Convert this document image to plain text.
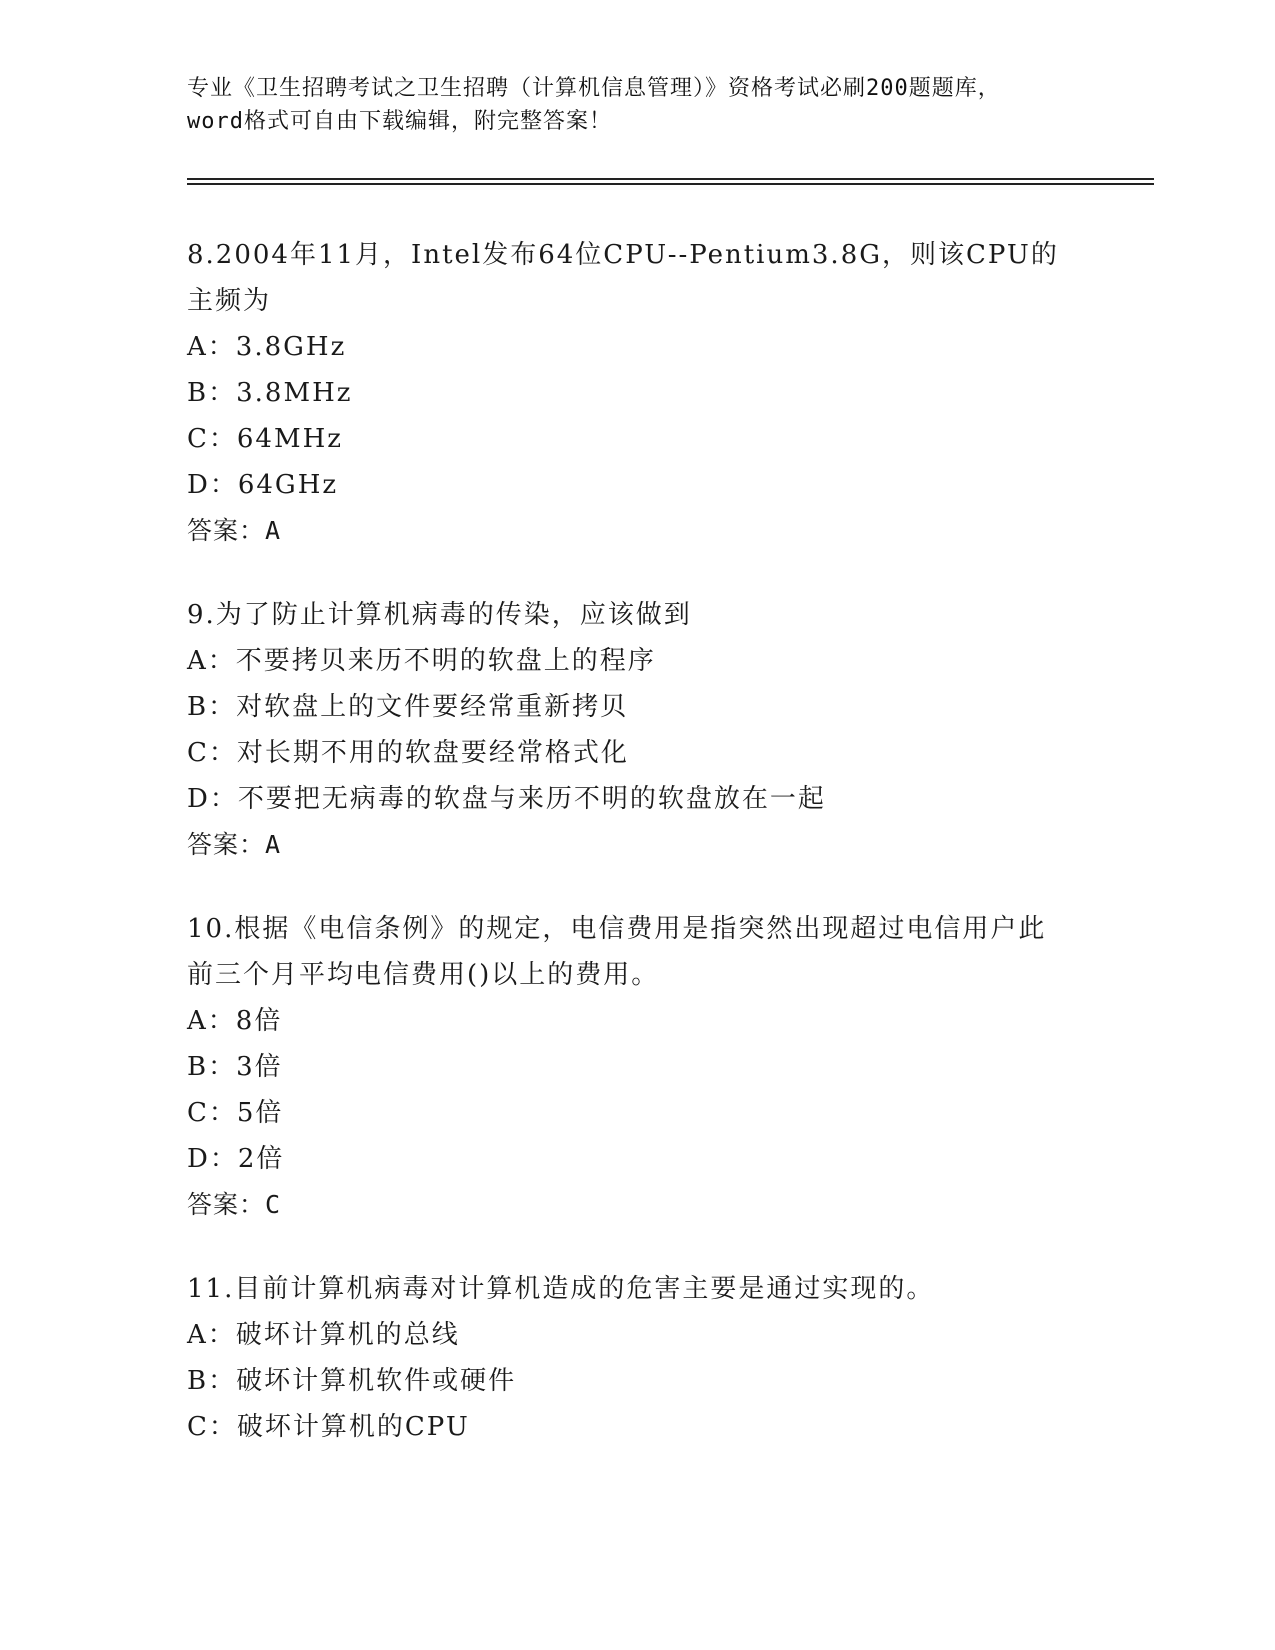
专业《卫生招聘考试之卫生招聘（计算机信息管理）》资格考试必刷200题题库，
word格式可自由下载编辑，附完整答案！
8.2004年11月，Intel发布64位CPU--Pentium3.8G，则该CPU的主频为
A：3.8GHz
B：3.8MHz
C：64MHz
D：64GHz
答案：A
9.为了防止计算机病毒的传染，应该做到
A：不要拷贝来历不明的软盘上的程序
B：对软盘上的文件要经常重新拷贝
C：对长期不用的软盘要经常格式化
D：不要把无病毒的软盘与来历不明的软盘放在一起
答案：A
10.根据《电信条例》的规定，电信费用是指突然出现超过电信用户此前三个月平均电信费用()以上的费用。
A：8倍
B：3倍
C：5倍
D：2倍
答案：C
11.目前计算机病毒对计算机造成的危害主要是通过实现的。
A：破坏计算机的总线
B：破坏计算机软件或硬件
C：破坏计算机的CPU
